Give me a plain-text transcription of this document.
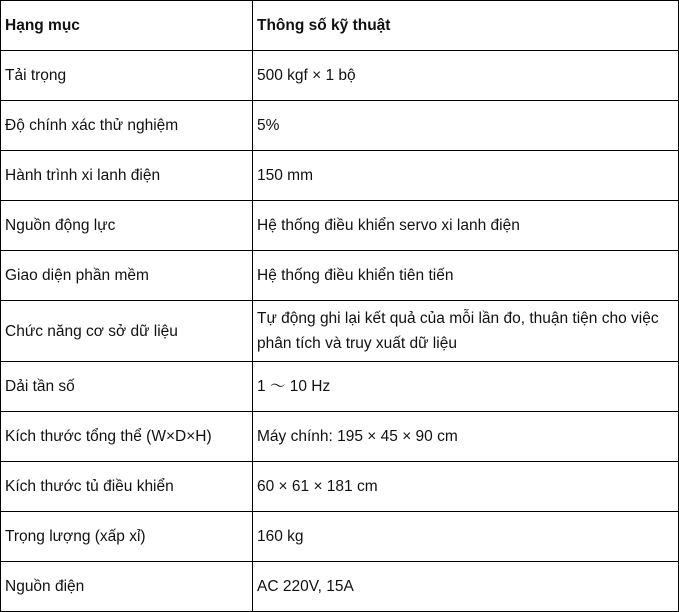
Hạng mục	Thông số kỹ thuật
Tải trọng	500 kgf × 1 bộ
Độ chính xác thử nghiệm	5%
Hành trình xi lanh điện	150 mm
Nguồn động lực	Hệ thống điều khiển servo xi lanh điện
Giao diện phần mềm	Hệ thống điều khiển tiên tiến
Chức năng cơ sở dữ liệu	Tự động ghi lại kết quả của mỗi lần đo, thuận tiện cho việc phân tích và truy xuất dữ liệu
Dải tần số	1 ～ 10 Hz
Kích thước tổng thể (W×D×H)	Máy chính: 195 × 45 × 90 cm
Kích thước tủ điều khiển	60 × 61 × 181 cm
Trọng lượng (xấp xỉ)	160 kg
Nguồn điện	AC 220V, 15A
